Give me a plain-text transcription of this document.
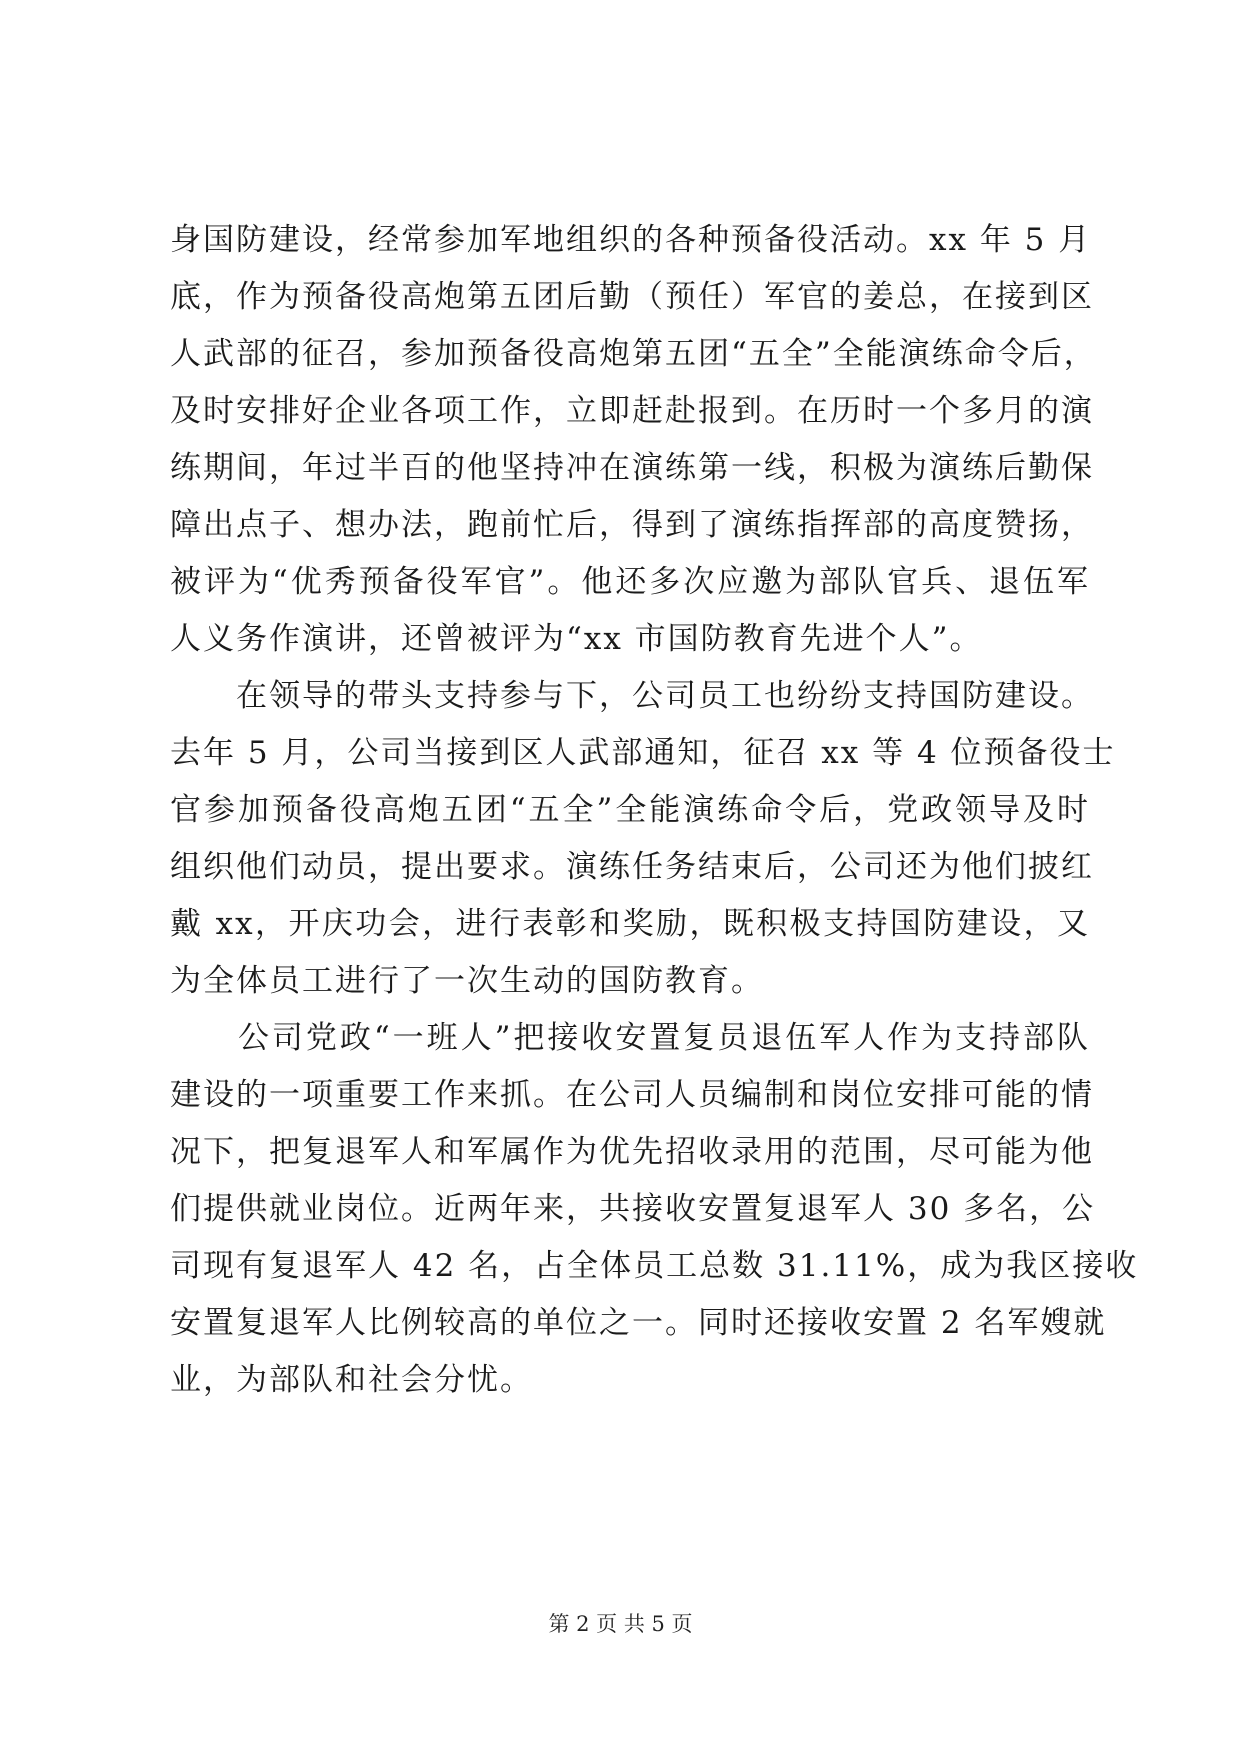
身国防建设，经常参加军地组织的各种预备役活动。xx 年 5 月
底，作为预备役高炮第五团后勤（预任）军官的姜总，在接到区
人武部的征召，参加预备役高炮第五团“五全”全能演练命令后，
及时安排好企业各项工作，立即赶赴报到。在历时一个多月的演
练期间，年过半百的他坚持冲在演练第一线，积极为演练后勤保
障出点子、想办法，跑前忙后，得到了演练指挥部的高度赞扬，
被评为“优秀预备役军官”。他还多次应邀为部队官兵、退伍军
人义务作演讲，还曾被评为“xx 市国防教育先进个人”。
　　在领导的带头支持参与下，公司员工也纷纷支持国防建设。
去年 5 月，公司当接到区人武部通知，征召 xx 等 4 位预备役士
官参加预备役高炮五团“五全”全能演练命令后，党政领导及时
组织他们动员，提出要求。演练任务结束后，公司还为他们披红
戴 xx，开庆功会，进行表彰和奖励，既积极支持国防建设，又
为全体员工进行了一次生动的国防教育。
　　公司党政“一班人”把接收安置复员退伍军人作为支持部队
建设的一项重要工作来抓。在公司人员编制和岗位安排可能的情
况下，把复退军人和军属作为优先招收录用的范围，尽可能为他
们提供就业岗位。近两年来，共接收安置复退军人 30 多名，公
司现有复退军人 42 名，占全体员工总数 31.11%，成为我区接收
安置复退军人比例较高的单位之一。同时还接收安置 2 名军嫂就
业，为部队和社会分忧。
第 2 页 共 5 页
